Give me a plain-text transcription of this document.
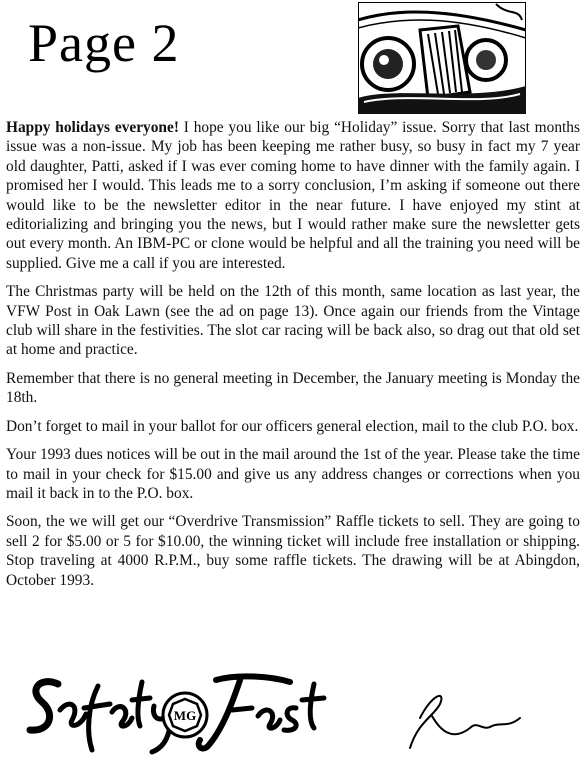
Page 2

Happy holidays everyone! I hope you like our big “Holiday” issue. Sorry that last months issue was a non-issue. My job has been keeping me rather busy, so busy in fact my 7 year old daughter, Patti, asked if I was ever coming home to have dinner with the family again. I promised her I would. This leads me to a sorry conclusion, I’m asking if someone out there would like to be the newsletter editor in the near future. I have enjoyed my stint at editorializing and bringing you the news, but I would rather make sure the newsletter gets out every month. An IBM-PC or clone would be helpful and all the training you need will be supplied. Give me a call if you are interested.

The Christmas party will be held on the 12th of this month, same location as last year, the VFW Post in Oak Lawn (see the ad on page 13). Once again our friends from the Vintage club will share in the festivities. The slot car racing will be back also, so drag out that old set at home and practice.

Remember that there is no general meeting in December, the January meeting is Monday the 18th.

Don’t forget to mail in your ballot for our officers general election, mail to the club P.O. box.

Your 1993 dues notices will be out in the mail around the 1st of the year. Please take the time to mail in your check for $15.00 and give us any address changes or corrections when you mail it back in to the P.O. box.

Soon, the we will get our “Overdrive Transmission” Raffle tickets to sell. They are going to sell 2 for $5.00 or 5 for $10.00, the winning ticket will include free installation or shipping. Stop traveling at 4000 R.P.M., buy some raffle tickets. The drawing will be at Abingdon, October 1993.

MG
